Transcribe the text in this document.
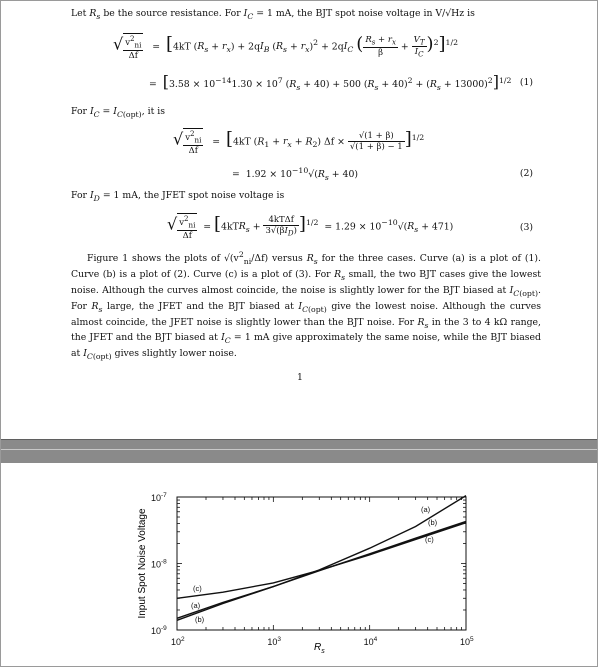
Let $R_s$ be the source resistance. For $I_C = 1$ mA, the BJT spot noise voltage in V/√Hz is
√ $\frac{v^2_{ni}}{\Delta f} = [4kT$ $(R_s + r_x) + 2qI_B$ $(R_s + r_x)^2 + 2qI_C$ ( $\frac{R_s + r_x}{\beta} + \frac{V_T}{I_C} )^2]^{1/2}$
=  [$3.58 \times 10^{-14}1.30 \times 10^7$ $(R_s + 40) + 500$ $(R_s + 40)^2 + (R_s + 13000)^2]^{1/2}$ (1)
For $I_C = I_{C(opt)}$, it is
√ $\frac{v^2_{ni}}{\Delta f} = [4kT$ $(R_1 + r_x + R_2) \Delta f \times \frac{√(1 + \beta)}{√(1 + \beta) - 1} ]^{1/2}$
=  $1.92 \times 10^{-10}√(R_s + 40)$	(2)
For $I_D = 1$ mA, the JFET spot noise voltage is
√ $\frac{v^2_{ni}}{\Delta f} = [4kTR_s + \frac{\text{4kTΔf}}{3√(\beta I_D)} ]^{1/2} = 1.29 \times 10^{-10}√(R_s + 471)$	(3)
Figure 1 shows the plots of $√(v^2_{ni}/\Delta f)$ versus $R_s$ for the three cases. Curve (a) is a plot of (1). Curve (b) is a plot of (2). Curve (c) is a plot of (3). For $R_s$ small, the two BJT cases give the lowest noise. Although the curves almost coincide, the noise is slightly lower for the BJT biased at $I_{C(opt)}$. For $R_s$ large, the JFET and the BJT biased at $I_{C(opt)}$ give the lowest noise. Although the curves almost coincide, the JFET noise is slightly lower than the BJT noise. For $R_s$ in the 3 to 4 kΩ range, the JFET and the BJT biased at $I_C = 1$ mA give approximately the same noise, while the BJT biased at $I_{C(opt)}$ gives slightly lower noise.
1
Input Spot Noise Voltage	(a)
(b)
(c)
(c)
(a)
(b)
$10^2$	$10^3$	$10^4$	$10^5$
$10^{-7}$
$10^{-8}$
$10^{-9}$
$R_s$
